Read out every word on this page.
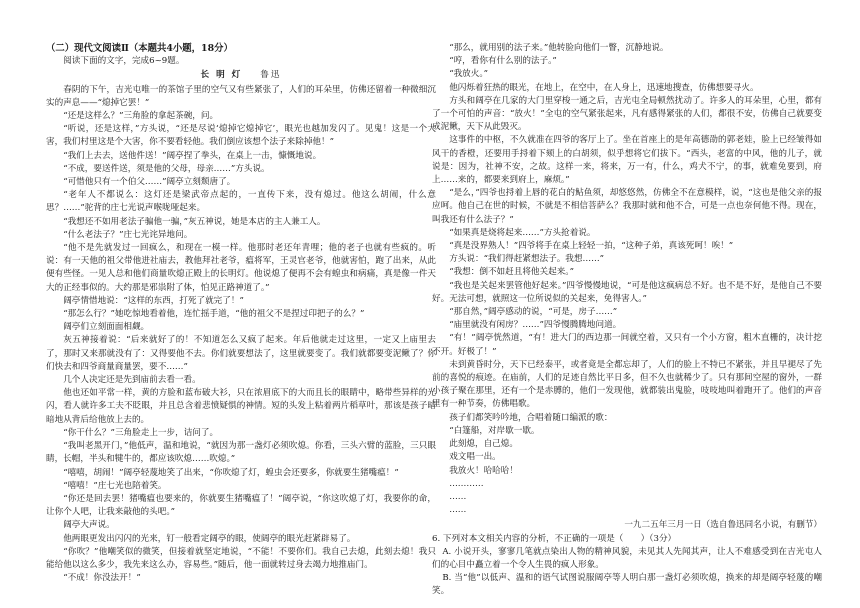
（二）现代文阅读Ⅱ（本题共4小题，18分）

阅读下面的文字，完成6~9题。

长 明 灯 鲁迅

春阴的下午，吉光屯唯一的茶馆子里的空气又有些紧张了，人们的耳朵里，仿佛还留着一种微细沉实的声息——“熄掉它罢！”

“还是这样么？”三角脸的拿起茶碗，问。

“听说，还是这样，”方头说，“还是尽说‘熄掉它熄掉它’，眼光也越加发闪了。见鬼！这是一个大害，我们村里这是个大害，你不要看轻他。我们倒应该想个法子来除掉他！”

“我们上去去，送他件送！”阔亭捏了拳头，在桌上一击，慷慨地说。

“不成，要送件送，须是他的父母，母亲……”方头说。

“可惜他只有一个伯父……”阔亭立刻颓唐了。

“老年人不都说么：这灯还是梁武帝点起的，一直传下来，没有熄过。他这么胡闹，什么意思？……”驼背的庄七光说声喉咙哑起来。

“我想还不如用老法子骗他一骗，”灰五神说，她是本店的主人兼工人。

“什么老法子？”庄七光诧异地问。

“他不是先就发过一回疯么，和现在一模一样。他那时老还年青哩；他的老子也就有些疯的。听说：有一天他的祖父带他进社庙去，教他拜社老爷，瘟将军，王灵官老爷，他就害怕，跑了出来，从此便有些怪。一见人总和他们商量吹熄正殿上的长明灯。他说熄了便再不会有蝗虫和病痛，真是像一件天大的正经事似的。大约那是邪祟附了体，怕见正路神道了。”

阔亭情惜地说：“这样的东西，打死了就完了！”

“那怎么行？”她吃惊地看着他，连忙摇手道，“他的祖父不是捏过印把子的么？”

阔亭们立刻面面相觑。

灰五神接着说：“后来就好了的！不知道怎么又疯了起来。年后他就走过这里，一定又上庙里去了，那时又来那就没有了：又得要他不去。你们就要想法了，这里就要变了。我们就都要变泥鳅了？你们快去和四爷商量商量罢，要不……”

几个人决定还是先到庙前去看一看。

他也还如平常一样，黄的方脸和蓝布破大衫，只在浓眉底下的大而且长的眼睛中，略带些异样的光闪，看人就许多工夫不眨眼，并且总含着悲愤疑惧的神情。短的头发上粘着两片稻草叶，那该是孩子暗暗地从背后给他放上去的。

“你干什么？”三角脸走上一步，诘问了。

“我叫老黑开门，”他低声，温和地说，“就因为那一盏灯必须吹熄。你看，三头六臂的蓝脸，三只眼睛，长帽，半头和犍牛的，都应该吹熄……吹熄。”

“嘻嘻，胡闹！”阔亭轻蔑地笑了出来，“你吹熄了灯，蝗虫会还要多，你就要生猪嘴瘟！”

“嘻嘻！”庄七光也陪着笑。

“你还是回去罢！猪嘴瘟也要来的，你就要生猪嘴瘟了！”阔亭说，“你这吹熄了灯，我要你的命，让你个人吧，让我来敲他的头吧。”

阔亭大声说。

他两眼更发出闪闪的光来，钉一般看定阔亭的眼，使阔亭的眼光赶紧辟易了。

“你吹？”他嘲笑似的微笑，但接着就坚定地说，“不能！不要你们。我自己去熄，此刻去熄！我只能给他以这么多少，我先来这么办，容易些。”随后，他一面就转过身去竭力地推庙门。

“不成！你没法开！”

“那么，就用别的法子来。”他转脸向他们一瞥，沉静地说。

“哼，看你有什么别的法子。”

“我放火。”

他闪烁着狂热的眼光，在地上，在空中，在人身上，迅速地搜查，仿佛想要寻火。

方头和阔亭在几家的大门里穿梭一通之后，吉光屯全局顿然扰动了。许多人的耳朵里，心里，都有了一个可怕的声音：“放火！”全屯的空气紧张起来，凡有感得紧张的人们，都很不安，仿佛自己就要变成泥鳅，天下从此毁灭。

这事件的中枢，不久就准在四爷的客厅上了。坐在首座上的是年高德劭的郭老娃，脸上已经皱得如风干的香橙，还要用手捋着下颏上的白胡须，似乎想将它们拔下。“西头，老富的中风，他的儿子，就说是：因为，社神不安，之故。这样一来，将来，万一有，什么，鸡犬不宁，的事，就难免要到，府上……来的，都要来到府上，麻烦。”

“是么，”四爷也捋着上唇的花白的鲇鱼须，却悠悠然，仿佛全不在意模样，说，“这也是他父亲的报应呵。他自己在世的时候，不就是不相信菩萨么？我那时就和他不合，可是一点也奈何他不得。现在，叫我还有什么法子？”

“如果真是烧将起来……”方头抢着说。

“真是没界熟人！”四爷将手在桌上轻轻一拍，“这种子弟，真该死呵！唉！”

方头说：“我们得赶紧想法子。我想……”

“我想：倒不如赶且将他关起来。”

“我也是关起来罢管他好起来。”四爷慢慢地说，“可是他这疯病总不好。也不是不好，是他自己不要好。无法可想，就照这一位所说似的关起来，免得害人。”

“那自然，”阔亭感动的说，“可是，房子……”

“庙里就没有闲房？……”四爷慢腾腾地问道。

“有！”阔亭恍然道，“有！进大门的西边那一间就空着，又只有一个小方窗，粗木直栅的，决计挖不开。好极了！”

未到黄昏时分，天下已经泰平，或者竟是全都忘却了，人们的脸上不特已不紧张，并且早褪尽了先前的喜悦的痕迹。在庙前，人们的足迹自然比平日多，但不久也就稀少了。只有那间空屋的窗外，一群小孩子聚在那里，还有一个是赤膊的，他们一发现他，就都装出鬼脸，吱吱地叫着跑开了。他们的声音里有一种节奏，仿佛唱歌。

孩子们都笑吟吟地，合唱着随口编派的歌：

“白篷船，对岸歇一歇。

此刻熄，自己熄。

戏文唱一出。

我放火！哈哈哈！

…………

……

……

一九二五年三月一日（选自鲁迅同名小说，有删节）

6. 下列对本文相关内容的分析，不正确的一项是（　　）（3分）

A. 小说开头，寥寥几笔就点染出人物的精神风貌，未见其人先闻其声，让人不难感受到在吉光屯人们的心目中矗立着一个令人生畏的疯人形象。

B. 当“他”以低声、温和的语气试图说服阔亭等人明白那一盏灯必须吹熄，换来的却是阔亭轻蔑的嘲笑。
